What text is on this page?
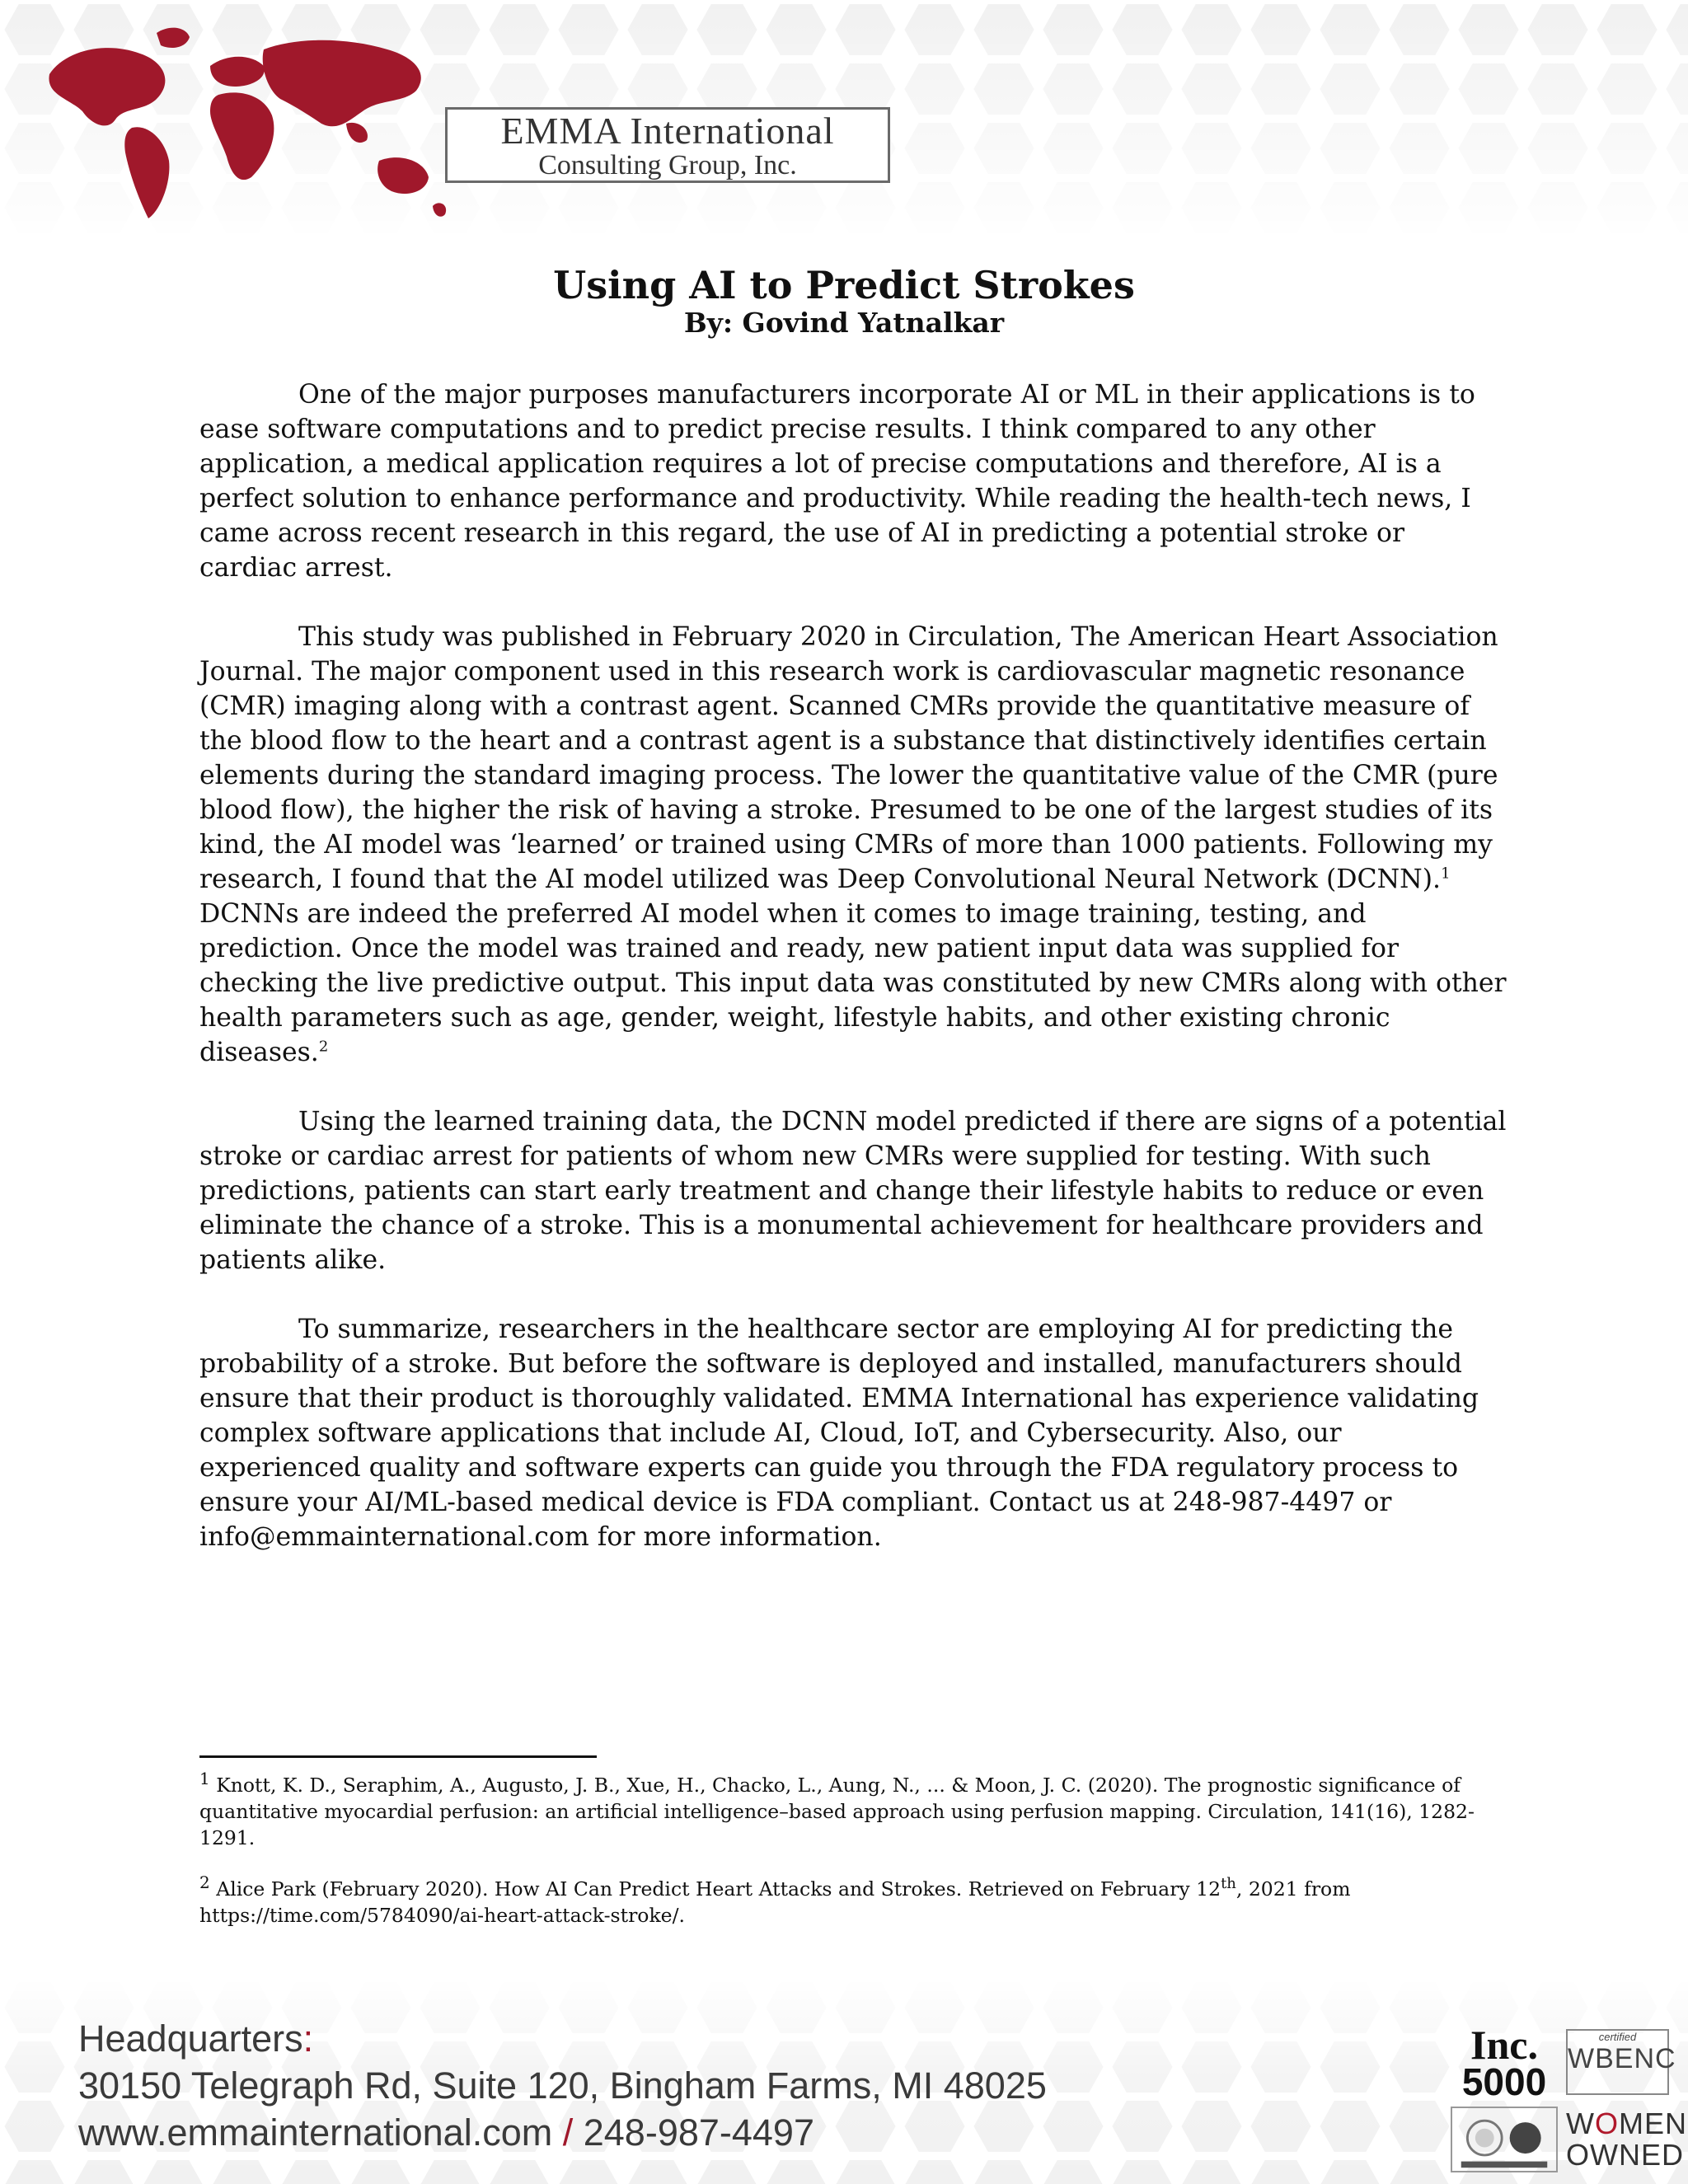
EMMA International
Consulting Group, Inc.
Using AI to Predict Strokes
By: Govind Yatnalkar

One of the major purposes manufacturers incorporate AI or ML in their applications is to ease software computations and to predict precise results. I think compared to any other application, a medical application requires a lot of precise computations and therefore, AI is a perfect solution to enhance performance and productivity. While reading the health-tech news, I came across recent research in this regard, the use of AI in predicting a potential stroke or cardiac arrest.

This study was published in February 2020 in Circulation, The American Heart Association Journal. The major component used in this research work is cardiovascular magnetic resonance (CMR) imaging along with a contrast agent. Scanned CMRs provide the quantitative measure of the blood flow to the heart and a contrast agent is a substance that distinctively identifies certain elements during the standard imaging process. The lower the quantitative value of the CMR (pure blood flow), the higher the risk of having a stroke. Presumed to be one of the largest studies of its kind, the AI model was ‘learned’ or trained using CMRs of more than 1000 patients. Following my research, I found that the AI model utilized was Deep Convolutional Neural Network (DCNN).$^1$ DCNNs are indeed the preferred AI model when it comes to image training, testing, and prediction. Once the model was trained and ready, new patient input data was supplied for checking the live predictive output. This input data was constituted by new CMRs along with other health parameters such as age, gender, weight, lifestyle habits, and other existing chronic diseases.$^2$

Using the learned training data, the DCNN model predicted if there are signs of a potential stroke or cardiac arrest for patients of whom new CMRs were supplied for testing. With such predictions, patients can start early treatment and change their lifestyle habits to reduce or even eliminate the chance of a stroke. This is a monumental achievement for healthcare providers and patients alike.

To summarize, researchers in the healthcare sector are employing AI for predicting the probability of a stroke. But before the software is deployed and installed, manufacturers should ensure that their product is thoroughly validated. EMMA International has experience validating complex software applications that include AI, Cloud, IoT, and Cybersecurity. Also, our experienced quality and software experts can guide you through the FDA regulatory process to ensure your AI/ML-based medical device is FDA compliant. Contact us at 248-987-4497 or info@emmainternational.com for more information.

1 Knott, K. D., Seraphim, A., Augusto, J. B., Xue, H., Chacko, L., Aung, N., ... & Moon, J. C. (2020). The prognostic significance of quantitative myocardial perfusion: an artificial intelligence–based approach using perfusion mapping. Circulation, 141(16), 1282-1291.

2 Alice Park (February 2020). How AI Can Predict Heart Attacks and Strokes. Retrieved on February 12th, 2021 from https://time.com/5784090/ai-heart-attack-stroke/.

Headquarters:
30150 Telegraph Rd, Suite 120, Bingham Farms, MI 48025
www.emmainternational.com / 248-987-4497
Inc.
5000
certified
WBENC
WOMEN
OWNED
